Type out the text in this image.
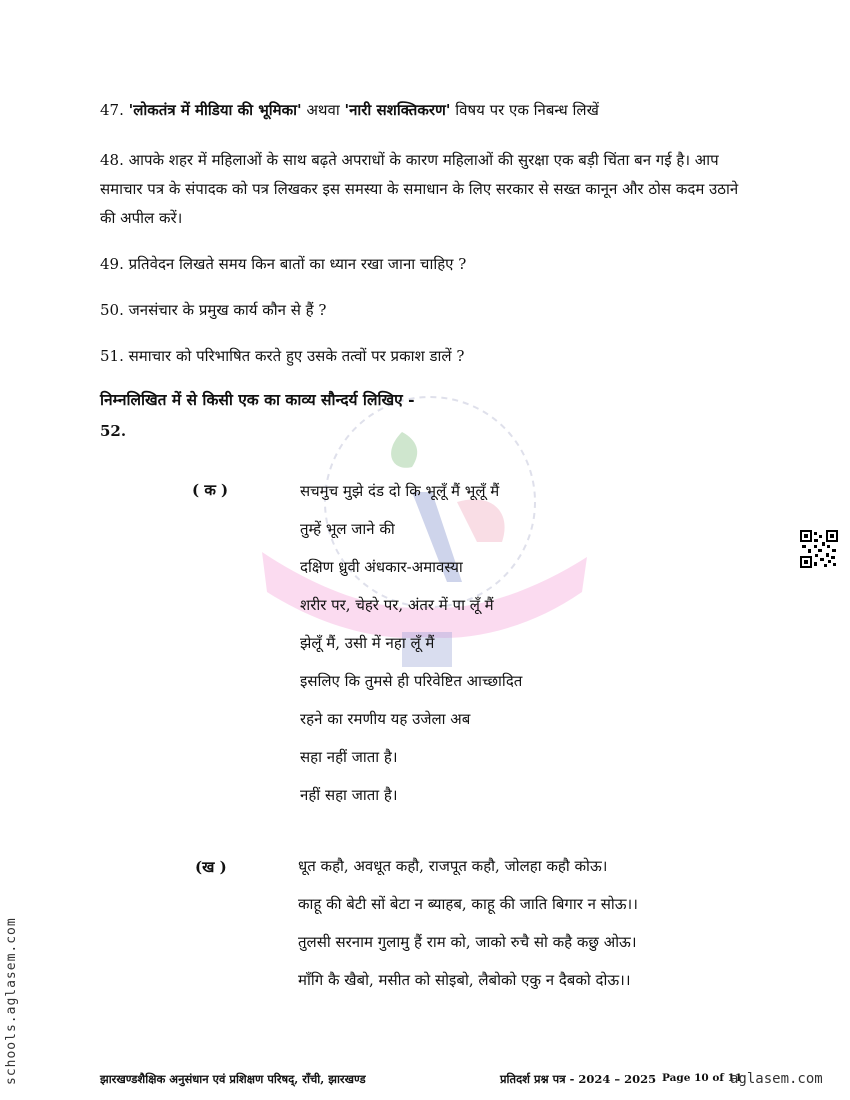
47. 'लोकतंत्र में मीडिया की भूमिका' अथवा 'नारी सशक्तिकरण' विषय पर एक निबन्ध लिखें
48. आपके शहर में महिलाओं के साथ बढ़ते अपराधों के कारण महिलाओं की सुरक्षा एक बड़ी चिंता बन गई है। आप समाचार पत्र के संपादक को पत्र लिखकर इस समस्या के समाधान के लिए सरकार से सख्त कानून और ठोस कदम उठाने की अपील करें।
49. प्रतिवेदन लिखते समय किन बातों का ध्यान रखा जाना चाहिए ?
50. जनसंचार के प्रमुख कार्य कौन से हैं ?
51. समाचार को परिभाषित करते हुए उसके तत्वों पर प्रकाश डालें ?
नेतृत्व
निम्नलिखित में से किसी एक का काव्य सौन्दर्य लिखिए -
52.
( क )	सचमुच मुझे दंड दो कि भूलूँ मैं भूलूँ मैं
तुम्हें भूल जाने की
दक्षिण ध्रुवी अंधकार-अमावस्या
शरीर पर, चेहरे पर, अंतर में पा लूँ मैं
झेलूँ मैं, उसी में नहा लूँ मैं
इसलिए कि तुमसे ही परिवेष्टित आच्छादित
रहने का रमणीय यह उजेला अब
सहा नहीं जाता है।
नहीं सहा जाता है।
(ख )	धूत कहौ, अवधूत कहौ, राजपूत कहौ, जोलहा कहौ कोऊ।
काहू की बेटी सों बेटा न ब्याहब, काहू की जाति बिगार न सोऊ।।
तुलसी सरनाम गुलामु हैं राम को, जाको रुचै सो कहै कछु ओऊ।
माँगि कै खैबो, मसीत को सोइबो, लैबोको एकु न दैबको दोऊ।।
schools.aglasem.com	झारखण्डशैक्षिक अनुसंधान एवं प्रशिक्षण परिषद्, राँची, झारखण्ड	प्रतिदर्श प्रश्न पत्र - 2024 – 2025 Page 10 of 11
aglasem.com
